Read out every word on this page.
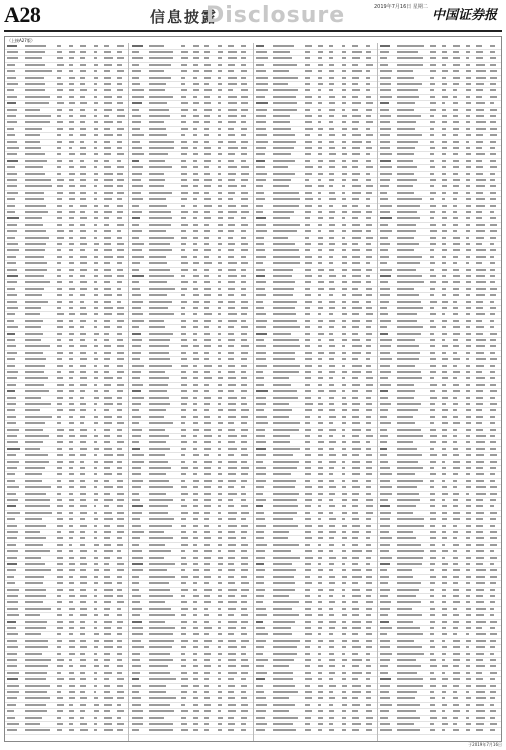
A28	信息披露
Disclosure	2019年7月16日 星期二
中国证券报
（上接A27版）
于2019年7月16日
